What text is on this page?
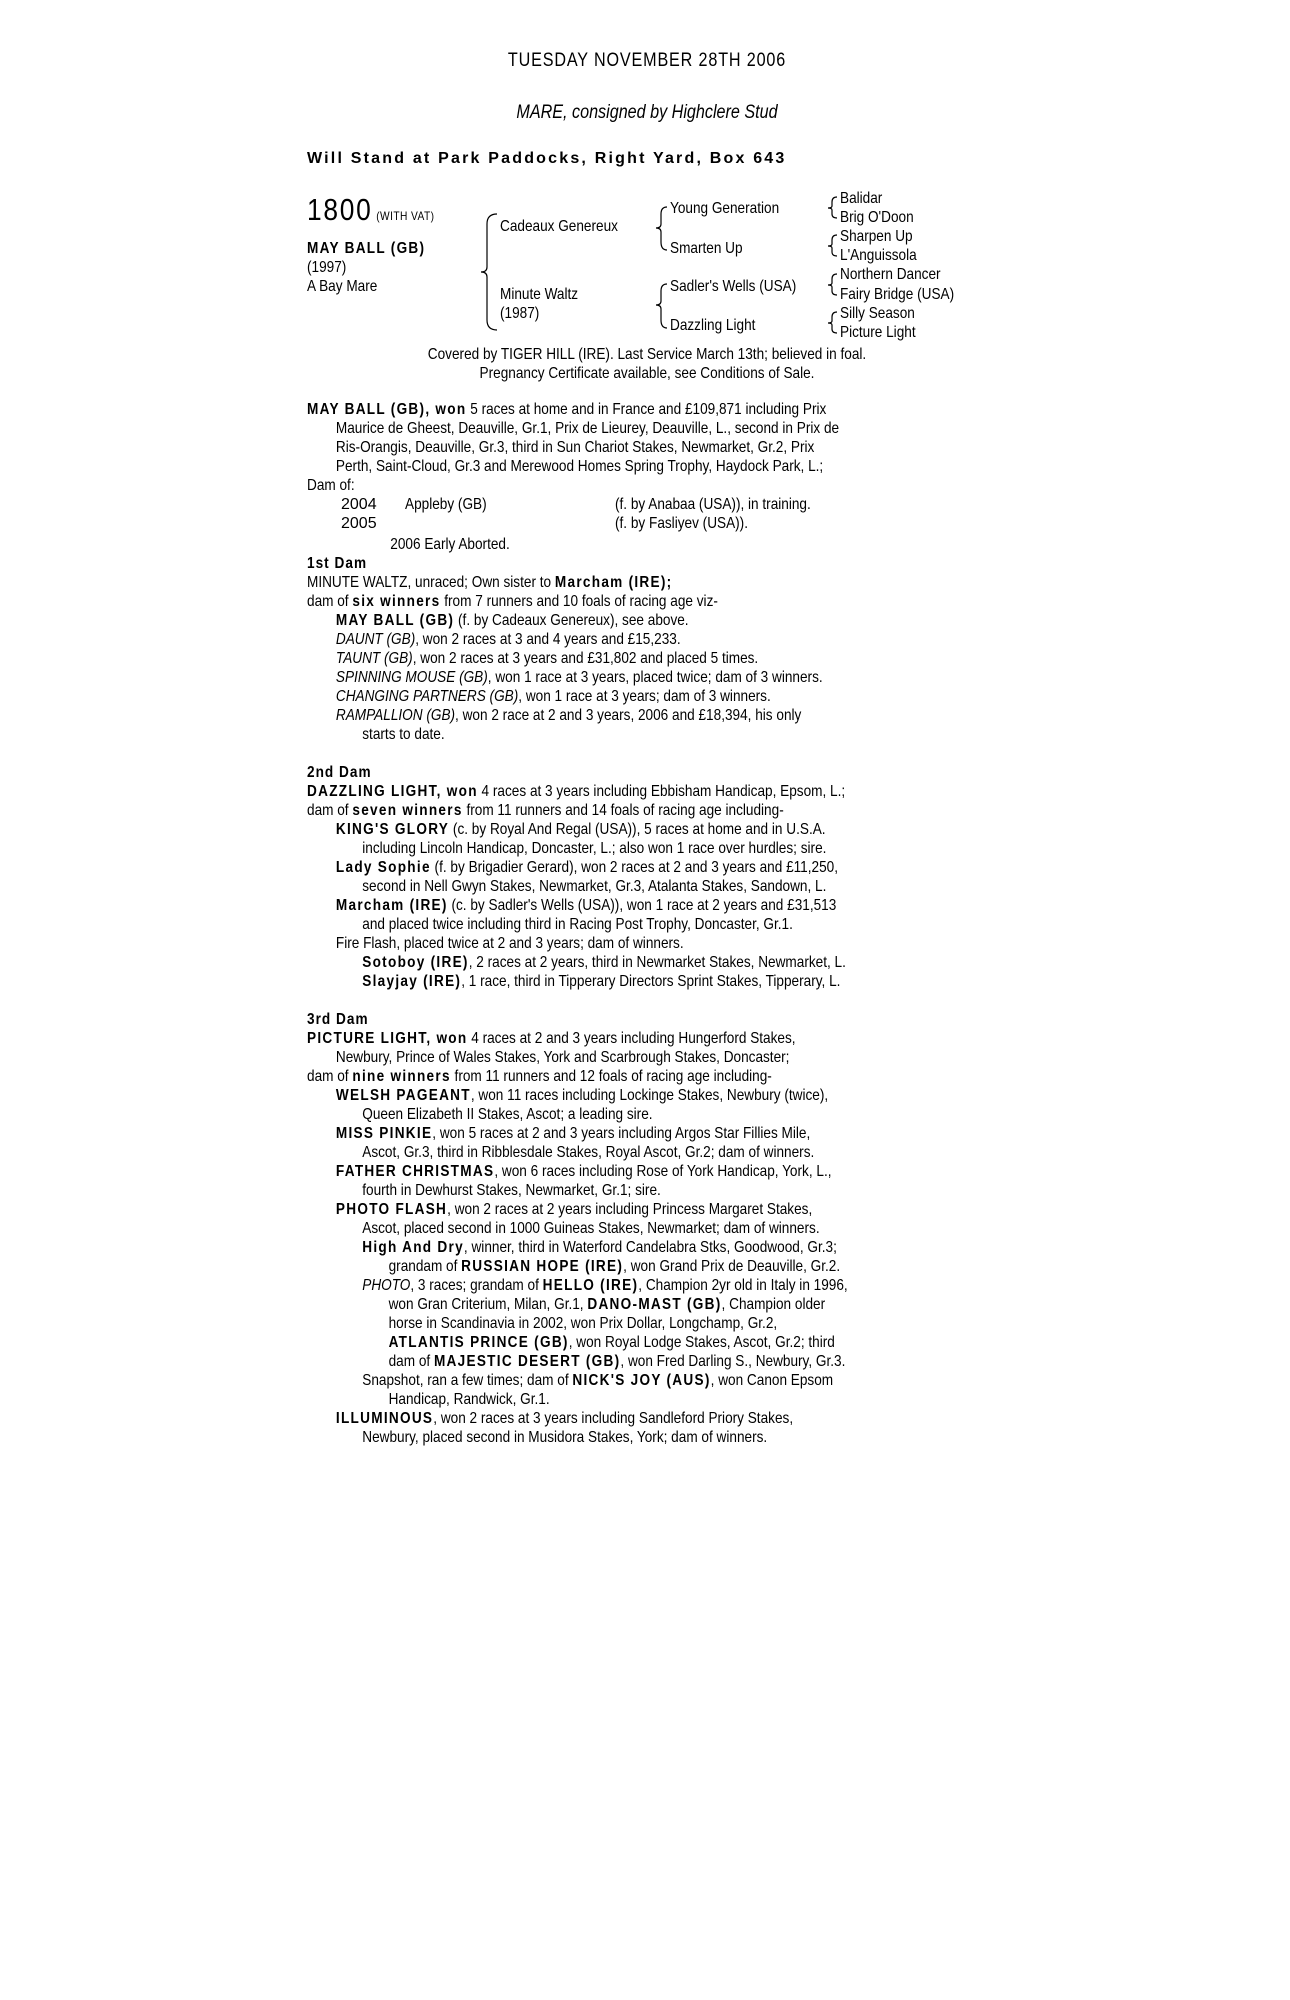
TUESDAY NOVEMBER 28TH 2006
MARE, consigned by Highclere Stud
Will Stand at Park Paddocks, Right Yard, Box 643
1800 (WITH VAT)
MAY BALL (GB)
(1997)
A Bay Mare
Cadeaux Genereux
Minute Waltz
(1987)
Young Generation
Smarten Up
Sadler's Wells (USA)
Dazzling Light
Balidar
Brig O'Doon
Sharpen Up
L'Anguissola
Northern Dancer
Fairy Bridge (USA)
Silly Season
Picture Light
Covered by TIGER HILL (IRE). Last Service March 13th; believed in foal.
Pregnancy Certificate available, see Conditions of Sale.

MAY BALL (GB), won 5 races at home and in France and £109,871 including Prix

Maurice de Gheest, Deauville, Gr.1, Prix de Lieurey, Deauville, L., second in Prix de

Ris-Orangis, Deauville, Gr.3, third in Sun Chariot Stakes, Newmarket, Gr.2, Prix

Perth, Saint-Cloud, Gr.3 and Merewood Homes Spring Trophy, Haydock Park, L.;

Dam of:

2004 Appleby (GB)	(f. by Anabaa (USA)), in training.
2005	(f. by Fasliyev (USA)).

2006 Early Aborted.

1st Dam

MINUTE WALTZ, unraced; Own sister to Marcham (IRE);

dam of six winners from 7 runners and 10 foals of racing age viz-

MAY BALL (GB) (f. by Cadeaux Genereux), see above.

DAUNT (GB), won 2 races at 3 and 4 years and £15,233.

TAUNT (GB), won 2 races at 3 years and £31,802 and placed 5 times.

SPINNING MOUSE (GB), won 1 race at 3 years, placed twice; dam of 3 winners.

CHANGING PARTNERS (GB), won 1 race at 3 years; dam of 3 winners.

RAMPALLION (GB), won 2 race at 2 and 3 years, 2006 and £18,394, his only

starts to date.

2nd Dam

DAZZLING LIGHT, won 4 races at 3 years including Ebbisham Handicap, Epsom, L.;

dam of seven winners from 11 runners and 14 foals of racing age including-

KING'S GLORY (c. by Royal And Regal (USA)), 5 races at home and in U.S.A.

including Lincoln Handicap, Doncaster, L.; also won 1 race over hurdles; sire.

Lady Sophie (f. by Brigadier Gerard), won 2 races at 2 and 3 years and £11,250,

second in Nell Gwyn Stakes, Newmarket, Gr.3, Atalanta Stakes, Sandown, L.

Marcham (IRE) (c. by Sadler's Wells (USA)), won 1 race at 2 years and £31,513

and placed twice including third in Racing Post Trophy, Doncaster, Gr.1.

Fire Flash, placed twice at 2 and 3 years; dam of winners.

Sotoboy (IRE), 2 races at 2 years, third in Newmarket Stakes, Newmarket, L.

Slayjay (IRE), 1 race, third in Tipperary Directors Sprint Stakes, Tipperary, L.

3rd Dam

PICTURE LIGHT, won 4 races at 2 and 3 years including Hungerford Stakes,

Newbury, Prince of Wales Stakes, York and Scarbrough Stakes, Doncaster;

dam of nine winners from 11 runners and 12 foals of racing age including-

WELSH PAGEANT, won 11 races including Lockinge Stakes, Newbury (twice),

Queen Elizabeth II Stakes, Ascot; a leading sire.

MISS PINKIE, won 5 races at 2 and 3 years including Argos Star Fillies Mile,

Ascot, Gr.3, third in Ribblesdale Stakes, Royal Ascot, Gr.2; dam of winners.

FATHER CHRISTMAS, won 6 races including Rose of York Handicap, York, L.,

fourth in Dewhurst Stakes, Newmarket, Gr.1; sire.

PHOTO FLASH, won 2 races at 2 years including Princess Margaret Stakes,

Ascot, placed second in 1000 Guineas Stakes, Newmarket; dam of winners.

High And Dry, winner, third in Waterford Candelabra Stks, Goodwood, Gr.3;

grandam of RUSSIAN HOPE (IRE), won Grand Prix de Deauville, Gr.2.

PHOTO, 3 races; grandam of HELLO (IRE), Champion 2yr old in Italy in 1996,

won Gran Criterium, Milan, Gr.1, DANO-MAST (GB), Champion older

horse in Scandinavia in 2002, won Prix Dollar, Longchamp, Gr.2,

ATLANTIS PRINCE (GB), won Royal Lodge Stakes, Ascot, Gr.2; third

dam of MAJESTIC DESERT (GB), won Fred Darling S., Newbury, Gr.3.

Snapshot, ran a few times; dam of NICK'S JOY (AUS), won Canon Epsom

Handicap, Randwick, Gr.1.

ILLUMINOUS, won 2 races at 3 years including Sandleford Priory Stakes,

Newbury, placed second in Musidora Stakes, York; dam of winners.
